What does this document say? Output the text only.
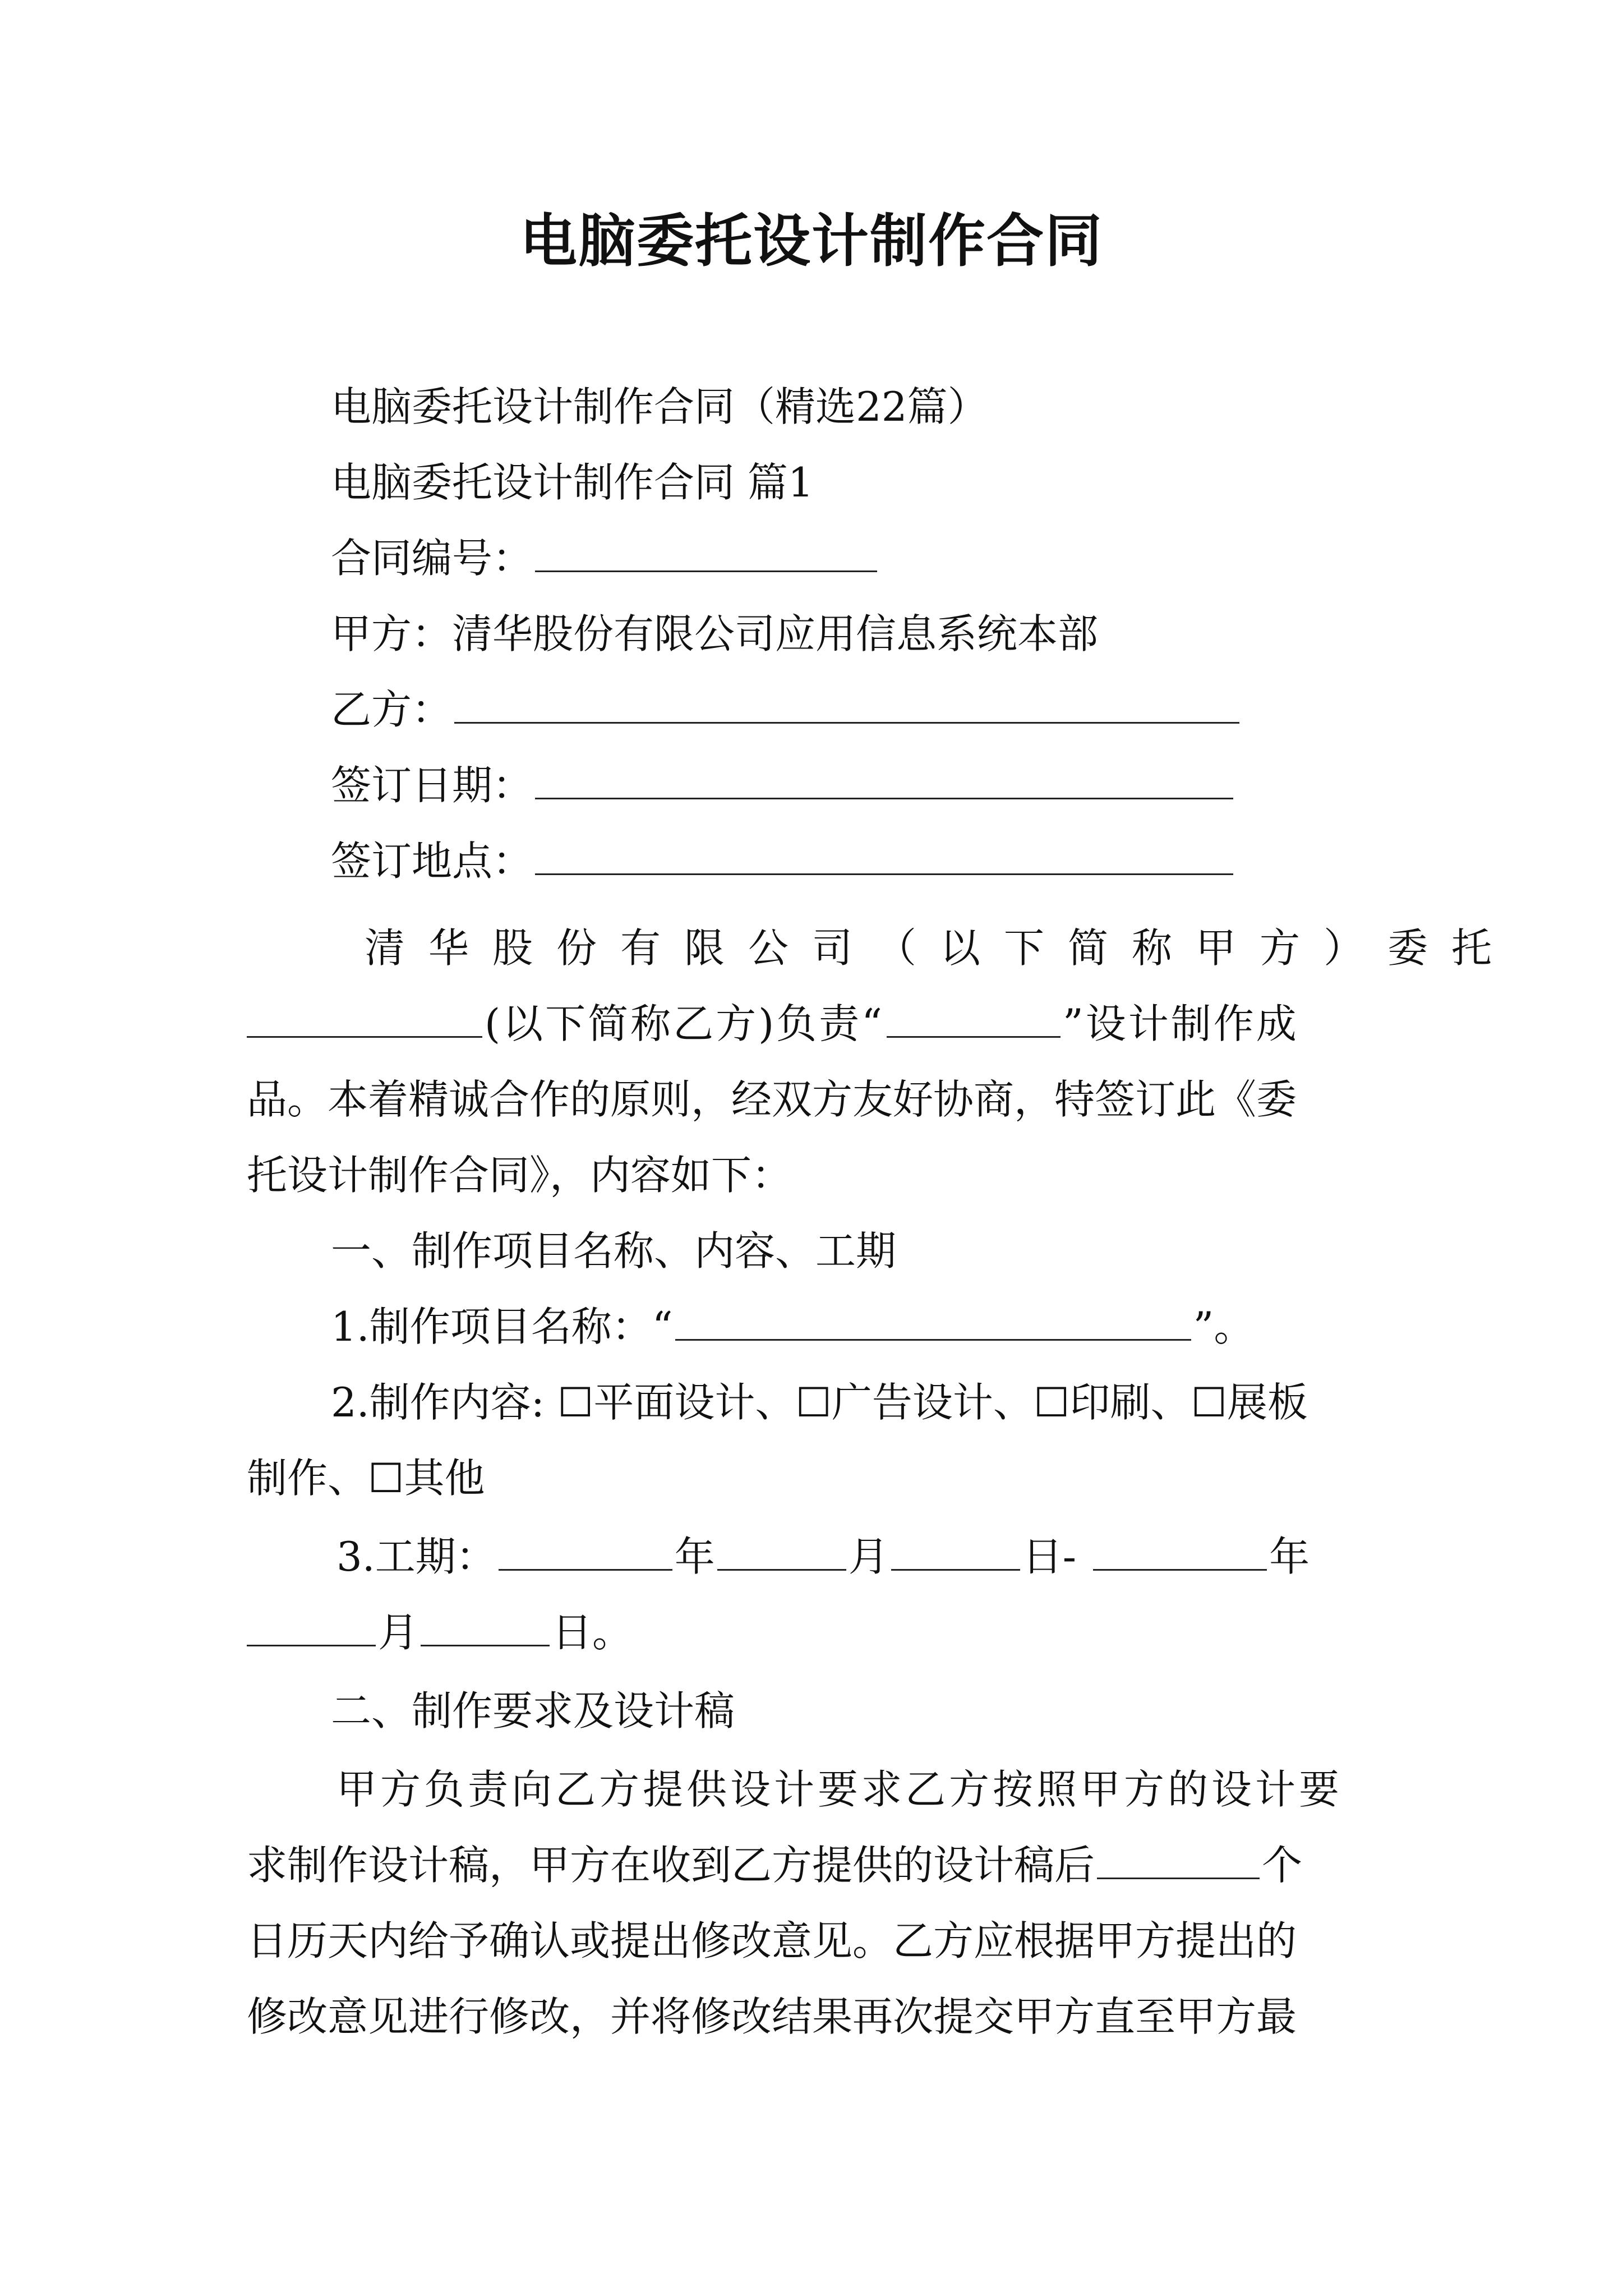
电脑委托设计制作合同
电脑委托设计制作合同（精选22篇）
电脑委托设计制作合同 篇1
合同编号：
甲方：清华股份有限公司应用信息系统本部
乙方：
签订日期：
签订地点：
清华股份有限公司（以下简称甲方）委托
(以下简称乙方)负责“	”设计制作成
品。本着精诚合作的原则，经双方友好协商，特签订此《委
托设计制作合同》，内容如下：
一、制作项目名称、内容、工期
1.制作项目名称：“	”。
2.制作内容: ☐平面设计、☐广告设计、☐印刷、☐展板
制作、☐其他
3.工期：	年	月	日-	年
月	日。
二、制作要求及设计稿
甲方负责向乙方提供设计要求乙方按照甲方的设计要
求制作设计稿，甲方在收到乙方提供的设计稿后	个
日历天内给予确认或提出修改意见。乙方应根据甲方提出的
修改意见进行修改，并将修改结果再次提交甲方直至甲方最
